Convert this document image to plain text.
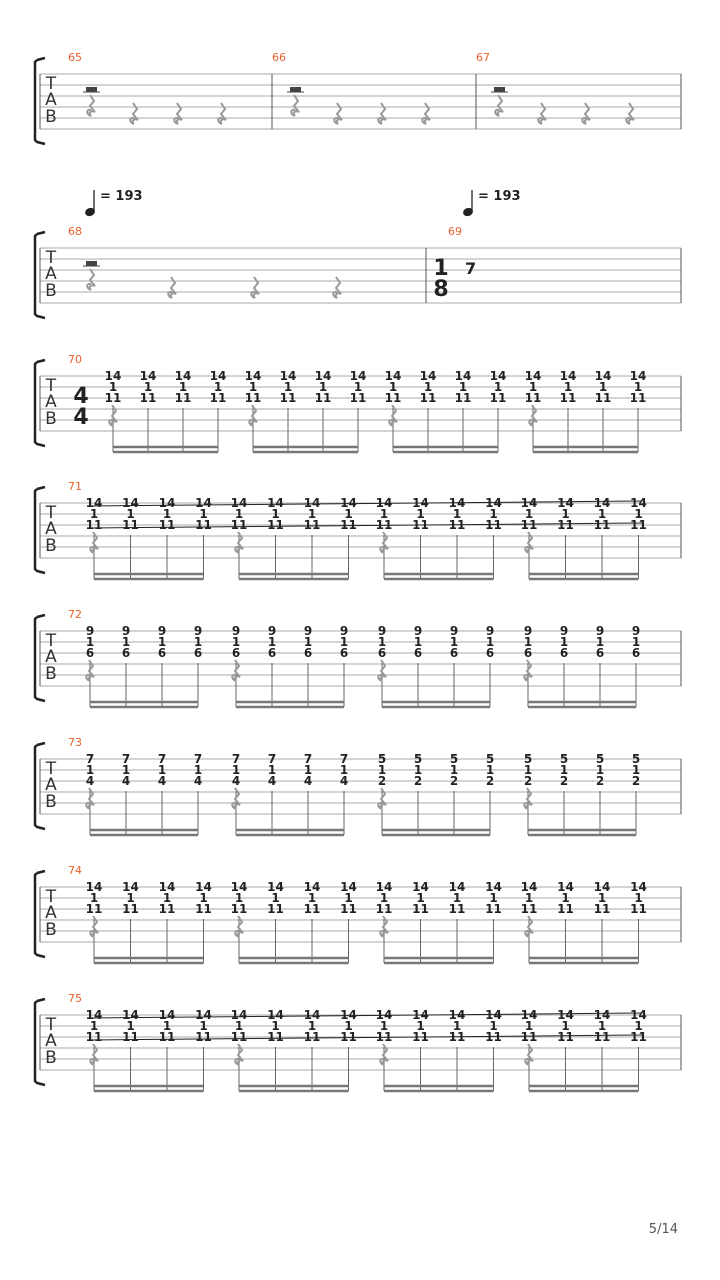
T
A
B
65	66	67
T
A
B
= 193	= 193
68	69
1
8
7
T
A
B
70
4
4
14
1
11
14
1
11
14
1
11
14
1
11
14
1
11
14
1
11
14
1
11
14
1
11
14
1
11
14
1
11
14
1
11
14
1
11
14
1
11
14
1
11
14
1
11
14
1
11
T
A
B
71
14
1
11
14
1
11
14
1
11
14
1
11
14
1
11
14
1
11
14
1
11
14
1
11
14
1
11
14
1
11
14
1
11
14
1
11
14
1
11
14
1
11
14
1
11
14
1
11
T
A
B
72
9
1
6
9
1
6
9
1
6
9
1
6
9
1
6
9
1
6
9
1
6
9
1
6
9
1
6
9
1
6
9
1
6
9
1
6
9
1
6
9
1
6
9
1
6
9
1
6
T
A
B
73
7
1
4
7
1
4
7
1
4
7
1
4
7
1
4
7
1
4
7
1
4
7
1
4
5
1
2
5
1
2
5
1
2
5
1
2
5
1
2
5
1
2
5
1
2
5
1
2
T
A
B
74
14
1
11
14
1
11
14
1
11
14
1
11
14
1
11
14
1
11
14
1
11
14
1
11
14
1
11
14
1
11
14
1
11
14
1
11
14
1
11
14
1
11
14
1
11
14
1
11
T
A
B
75
14
1
11
14
1
11
14
1
11
14
1
11
14
1
11
14
1
11
14
1
11
14
1
11
14
1
11
14
1
11
14
1
11
14
1
11
14
1
11
14
1
11
14
1
11
14
1
11
5/14
